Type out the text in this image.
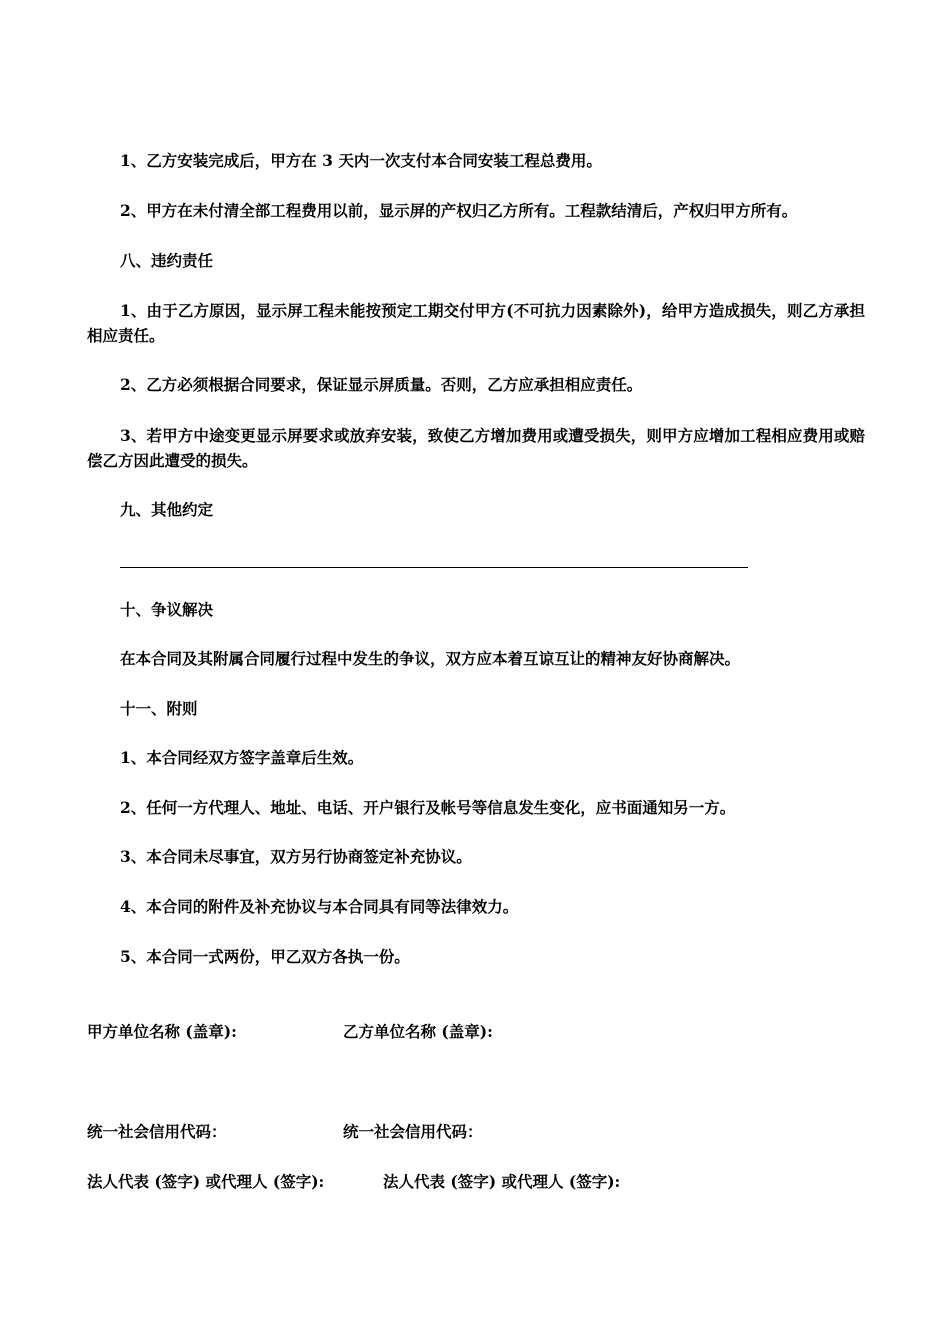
1、乙方安装完成后，甲方在 3 天内一次支付本合同安装工程总费用。
2、甲方在未付清全部工程费用以前，显示屏的产权归乙方所有。工程款结清后，产权归甲方所有。
八、违约责任
1、由于乙方原因，显示屏工程未能按预定工期交付甲方(不可抗力因素除外)，给甲方造成损失，则乙方承担相应责任。
2、乙方必须根据合同要求，保证显示屏质量。否则，乙方应承担相应责任。
3、若甲方中途变更显示屏要求或放弃安装，致使乙方增加费用或遭受损失，则甲方应增加工程相应费用或赔偿乙方因此遭受的损失。
九、其他约定
十、争议解决
在本合同及其附属合同履行过程中发生的争议，双方应本着互谅互让的精神友好协商解决。
十一、附则
1、本合同经双方签字盖章后生效。
2、任何一方代理人、地址、电话、开户银行及帐号等信息发生变化，应书面通知另一方。
3、本合同未尽事宜，双方另行协商签定补充协议。
4、本合同的附件及补充协议与本合同具有同等法律效力。
5、本合同一式两份，甲乙双方各执一份。
甲方单位名称 (盖章):	乙方单位名称 (盖章):
统一社会信用代码：	统一社会信用代码：
法人代表 (签字) 或代理人 (签字):	法人代表 (签字) 或代理人 (签字):
